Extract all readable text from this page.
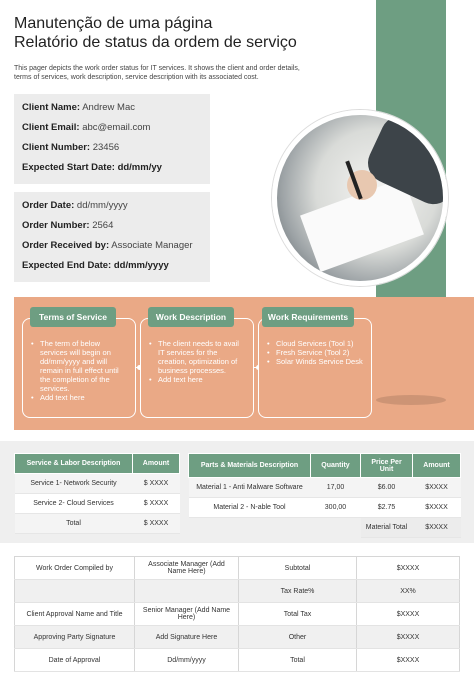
Manutenção de uma página
Relatório de status da ordem de serviço

This pager depicts the work order status for IT services. It shows the client and order details, terms of services, work description, service description with its associated cost.

Client Name: Andrew Mac
Client Email: abc@email.com
Client Number: 23456
Expected Start Date: dd/mm/yy
Order Date: dd/mm/yyyy
Order Number: 2564
Order Received by: Associate Manager
Expected End Date: dd/mm/yyyy
• The term of below services will begin on dd/mm/yyyy and will remain in full effect until the completion of the services.
• Add text here
Terms of Service
• The client needs to avail IT services for the creation, optimization of business processes.
• Add text here
Work Description
• Cloud Services (Tool 1)
• Fresh Service (Tool 2)
• Solar Winds Service Desk
Work Requirements
Service & Labor Description	Amount
Service 1- Network Security	$ XXXX
Service 2- Cloud Services	$ XXXX
Total	$ XXXX
Parts & Materials Description	Quantity	Price Per Unit	Amount
Material 1 - Anti Malware Software	17,00	$6.00	$XXXX
Material 2 - N-able Tool	300,00	$2.75	$XXXX
		Material Total	$XXXX
Work Order Compiled by	Associate Manager (Add Name Here)	Subtotal	$XXXX
		Tax Rate%	XX%
Client Approval Name and Title	Senior Manager (Add Name Here)	Total Tax	$XXXX
Approving Party Signature	Add Signature Here	Other	$XXXX
Date of Approval	Dd/mm/yyyy	Total	$XXXX
